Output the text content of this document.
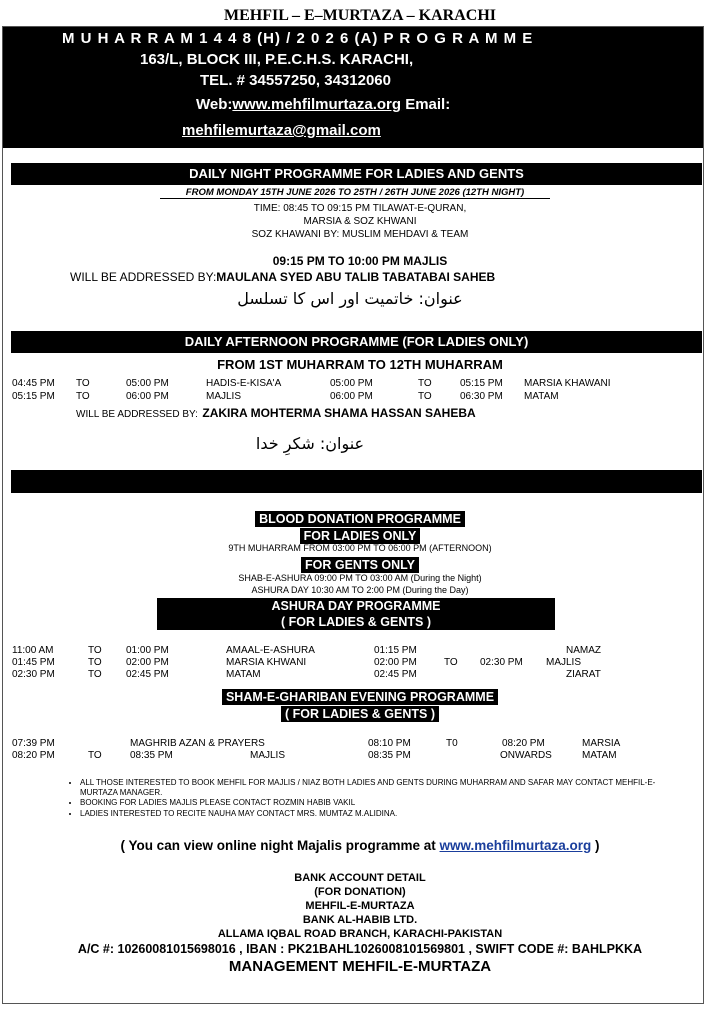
MEHFIL – E–MURTAZA – KARACHI
M U H A R R A M 1 4 4 8 (H) / 2 0 2 6 (A) P R O G R A M M E
163/L, BLOCK III, P.E.C.H.S. KARACHI,
TEL. # 34557250, 34312060
Web:www.mehfilmurtaza.org Email:
mehfilemurtaza@gmail.com
DAILY NIGHT PROGRAMME FOR LADIES AND GENTS
FROM MONDAY 15TH JUNE 2026 TO 25TH / 26TH JUNE 2026 (12TH NIGHT)
TIME: 08:45 TO 09:15 PM TILAWAT-E-QURAN,
MARSIA & SOZ KHWANI
SOZ KHAWANI BY: MUSLIM MEHDAVI & TEAM
09:15 PM TO 10:00 PM MAJLIS
WILL BE ADDRESSED BY:MAULANA SYED ABU TALIB TABATABAI SAHEB
عنوان: خاتمیت اور اس کا تسلسل
DAILY AFTERNOON PROGRAMME (FOR LADIES ONLY)
FROM 1ST MUHARRAM TO 12TH MUHARRAM
04:45 PM TO	05:00 PM	HADIS-E-KISA'A	05:00 PM	TO	05:15 PM MARSIA KHAWANI
05:15 PM TO	06:00 PM	MAJLIS	06:00 PM	TO	06:30 PM MATAM
WILL BE ADDRESSED BY: ZAKIRA MOHTERMA SHAMA HASSAN SAHEBA
عنوان: شکرِ خدا
BLOOD DONATION PROGRAMME
FOR LADIES ONLY
9TH MUHARRAM FROM 03:00 PM TO 06:00 PM (AFTERNOON)
FOR GENTS ONLY
SHAB-E-ASHURA 09:00 PM TO 03:00 AM (During the Night)
ASHURA DAY 10:30 AM TO 2:00 PM (During the Day)
ASHURA DAY PROGRAMME
( FOR LADIES & GENTS )
11:00 AM	TO 01:00 PM	AMAAL-E-ASHURA	01:15 PM	NAMAZ
01:45 PM	TO 02:00 PM	MARSIA KHWANI	02:00 PM	TO 02:30 PM MAJLIS
02:30 PM	TO 02:45 PM	MATAM	02:45 PM	ZIARAT
SHAM-E-GHARIBAN EVENING PROGRAMME
( FOR LADIES & GENTS )
07:39 PM	MAGHRIB AZAN & PRAYERS	08:10 PM	T0	08:20 PM	MARSIA
08:20 PM	TO	08:35 PM	MAJLIS	08:35 PM	ONWARDS	MATAM
• ALL THOSE INTERESTED TO BOOK MEHFIL FOR MAJLIS / NIAZ BOTH LADIES AND GENTS DURING MUHARRAM AND SAFAR MAY CONTACT MEHFIL-E-MURTAZA MANAGER.
• BOOKING FOR LADIES MAJLIS PLEASE CONTACT ROZMIN HABIB VAKIL
• LADIES INTERESTED TO RECITE NAUHA MAY CONTACT MRS. MUMTAZ M.ALIDINA.
( You can view online night Majalis programme at www.mehfilmurtaza.org )
BANK ACCOUNT DETAIL
(FOR DONATION)
MEHFIL-E-MURTAZA
BANK AL-HABIB LTD.
ALLAMA IQBAL ROAD BRANCH, KARACHI-PAKISTAN
A/C #: 10260081015698016 , IBAN : PK21BAHL1026008101569801 , SWIFT CODE #: BAHLPKKA
MANAGEMENT MEHFIL-E-MURTAZA
